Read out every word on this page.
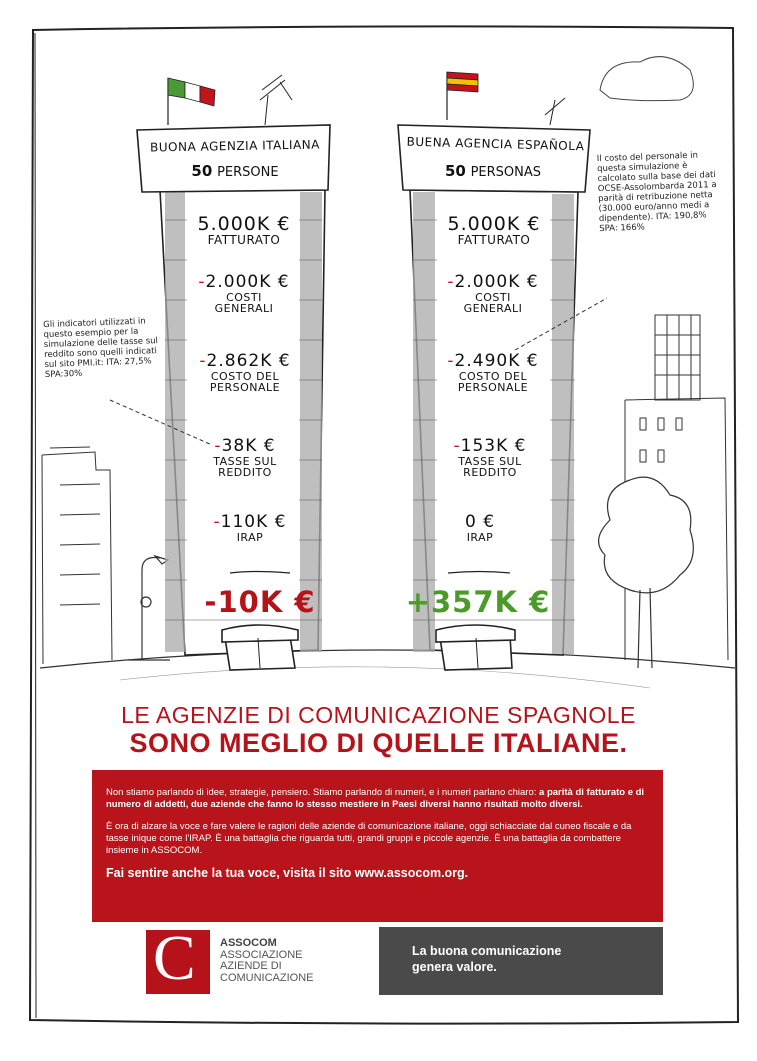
BUONA AGENZIA ITALIANA
50 PERSONE
5.000K €
FATTURATO
-2.000K €
COSTI GENERALI
-2.862K €
COSTO DEL PERSONALE
-38K €
TASSE SUL REDDITO
-110K €
IRAP
-10K €
BUENA AGENCIA ESPAÑOLA
50 PERSONAS
5.000K €
FATTURATO
-2.000K €
COSTI GENERALI
-2.490K €
COSTO DEL PERSONALE
-153K €
TASSE SUL REDDITO
0 €
IRAP
+357K €
Gli indicatori utilizzati in questo esempio per la simulazione delle tasse sul reddito sono quelli indicati sul sito PMI.it: ITA: 27,5% SPA:30%
Il costo del personale in questa simulazione è calcolato sulla base dei dati OCSE-Assolombarda 2011 a parità di retribuzione netta (30.000 euro/anno medi a dipendente). ITA: 190,8% SPA: 166%
LE AGENZIE DI COMUNICAZIONE SPAGNOLE
SONO MEGLIO DI QUELLE ITALIANE.

Non stiamo parlando di idee, strategie, pensiero. Stiamo parlando di numeri, e i numeri parlano chiaro: a parità di fatturato e di numero di addetti, due aziende che fanno lo stesso mestiere in Paesi diversi hanno risultati molto diversi.

È ora di alzare la voce e fare valere le ragioni delle aziende di comunicazione italiane, oggi schiacciate dal cuneo fiscale e da tasse inique come l'IRAP. È una battaglia che riguarda tutti, grandi gruppi e piccole agenzie. È una battaglia da combattere insieme in ASSOCOM.

Fai sentire anche la tua voce, visita il sito www.assocom.org.
C ASSOCOM
ASSOCIAZIONE
AZIENDE DI
COMUNICAZIONE
La buona comunicazione
genera valore.
